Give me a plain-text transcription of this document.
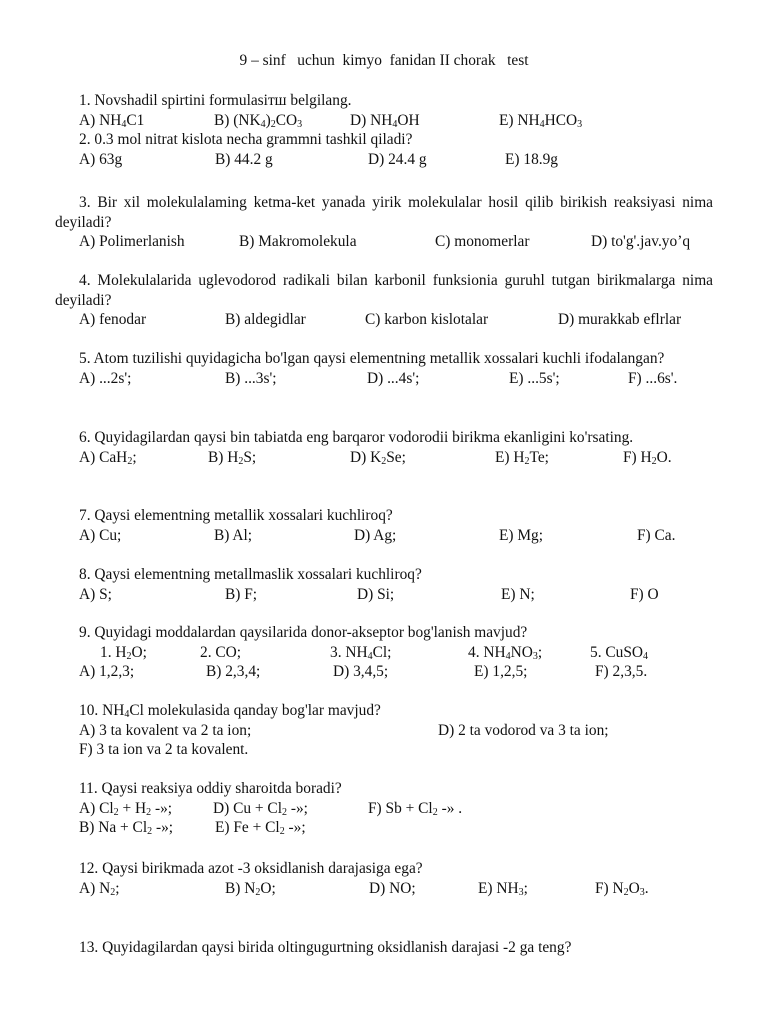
9 – sinf   uchun  kimyo  fanidan II chorak   test
1. Novshadil spirtini formulasiтш belgilang.
A) $NH_4C1$	B) $(NK_4)_2CO_3$	D) $NH_4OH$	E) $NH_4HCO_3$
2. 0.3 mol nitrat kislota necha grammni tashkil qiladi?
A) 63g	B) 44.2 g	D) 24.4 g	E) 18.9g
3. Bir xil molekulalaming ketma-ket yanada yirik molekulalar hosil qilib birikish reaksiyasi nima deyiladi?
A) Polimerlanish	B) Makromolekula	C) monomerlar	D) to'g'.jav.yo’q
4. Molekulalarida uglevodorod radikali bilan karbonil funksionia guruhl tutgan birikmalarga nima deyiladi?
A) fenodar	B) aldegidlar	C) karbon kislotalar	D) murakkab eflrlar
5. Atom tuzilishi quyidagicha bo'lgan qaysi elementning metallik xossalari kuchli ifodalangan?
A) ...2s';	B) ...3s';	D) ...4s';	E) ...5s';	F) ...6s'.
6. Quyidagilardan qaysi bin tabiatda eng barqaror vodorodii birikma ekanligini ko'rsating.
A) CaH$_2$;	B) $H_2S$;	D) $K_2Se$;	E) $H_2Te$;	F) $H_2O$.
7. Qaysi elementning metallik xossalari kuchliroq?
A) Cu;	B) Al;	D) Ag;	E) Mg;	F) Ca.
8. Qaysi elementning metallmaslik xossalari kuchliroq?
A) S;	B) F;	D) Si;	E) N;	F) O
9. Quyidagi moddalardan qaysilarida donor-akseptor bog'lanish mavjud?
1. $H_2O$;	2. CO;	3. $NH_4Cl$;	4. $NH_4NO_3$;	5. CuSO$_4$
A) 1,2,3;	B) 2,3,4;	D) 3,4,5;	E) 1,2,5;	F) 2,3,5.
10. $NH_4Cl$ molekulasida qanday bog'lar mavjud?
A) 3 ta kovalent va 2 ta ion;	D) 2 ta vodorod va 3 ta ion;
F) 3 ta ion va 2 ta kovalent.
11. Qaysi reaksiya oddiy sharoitda boradi?
A) $Cl_2 + H_2$ -»;	D) $Cu + Cl_2$ -»;	F) $Sb + Cl_2$ -» .
B) $Na + Cl_2$ -»;	E) $Fe + Cl_2$ -»;
12. Qaysi birikmada azot -3 oksidlanish darajasiga ega?
A) $N_2$;	B) $N_2O$;	D) NO;	E) $NH_3$;	F) $N_2O_3$.
13. Quyidagilardan qaysi birida oltingugurtning oksidlanish darajasi -2 ga teng?
